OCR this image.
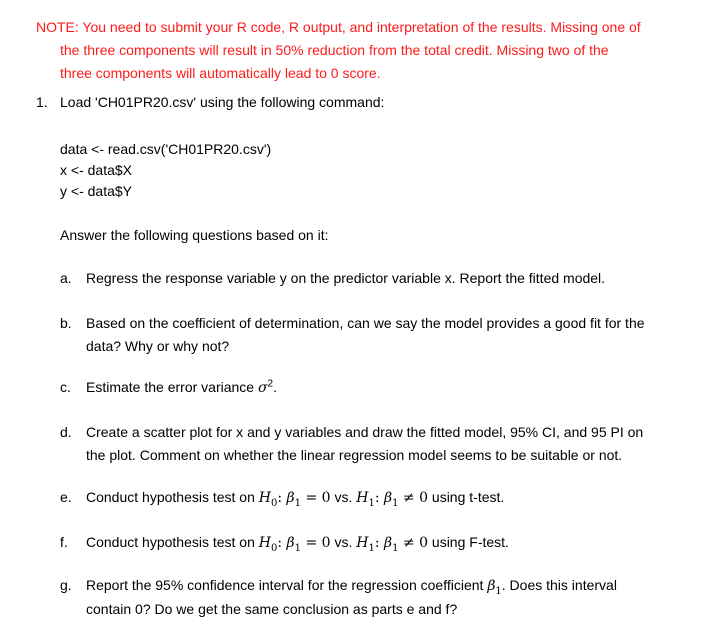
NOTE: You need to submit your R code, R output, and interpretation of the results. Missing one of
the three components will result in 50% reduction from the total credit. Missing two of the
three components will automatically lead to 0 score.
1. Load 'CH01PR20.csv' using the following command:
data <- read.csv('CH01PR20.csv')
x <- data$X
y <- data$Y
Answer the following questions based on it:
a.	Regress the response variable y on the predictor variable x. Report the fitted model.
b.	Based on the coefficient of determination, can we say the model provides a good fit for the
data? Why or why not?
c.	Estimate the error variance $\sigma^2$.
d.	Create a scatter plot for x and y variables and draw the fitted model, 95% CI, and 95 PI on
the plot. Comment on whether the linear regression model seems to be suitable or not.
e.	Conduct hypothesis test on $H_0$: $\beta_1 = 0$ vs. $H_1$: $\beta_1 \ne 0$ using t-test.
f.	Conduct hypothesis test on $H_0$: $\beta_1 = 0$ vs. $H_1$: $\beta_1 \ne 0$ using F-test.
g.	Report the 95% confidence interval for the regression coefficient $\beta_1$. Does this interval
contain 0? Do we get the same conclusion as parts e and f?
